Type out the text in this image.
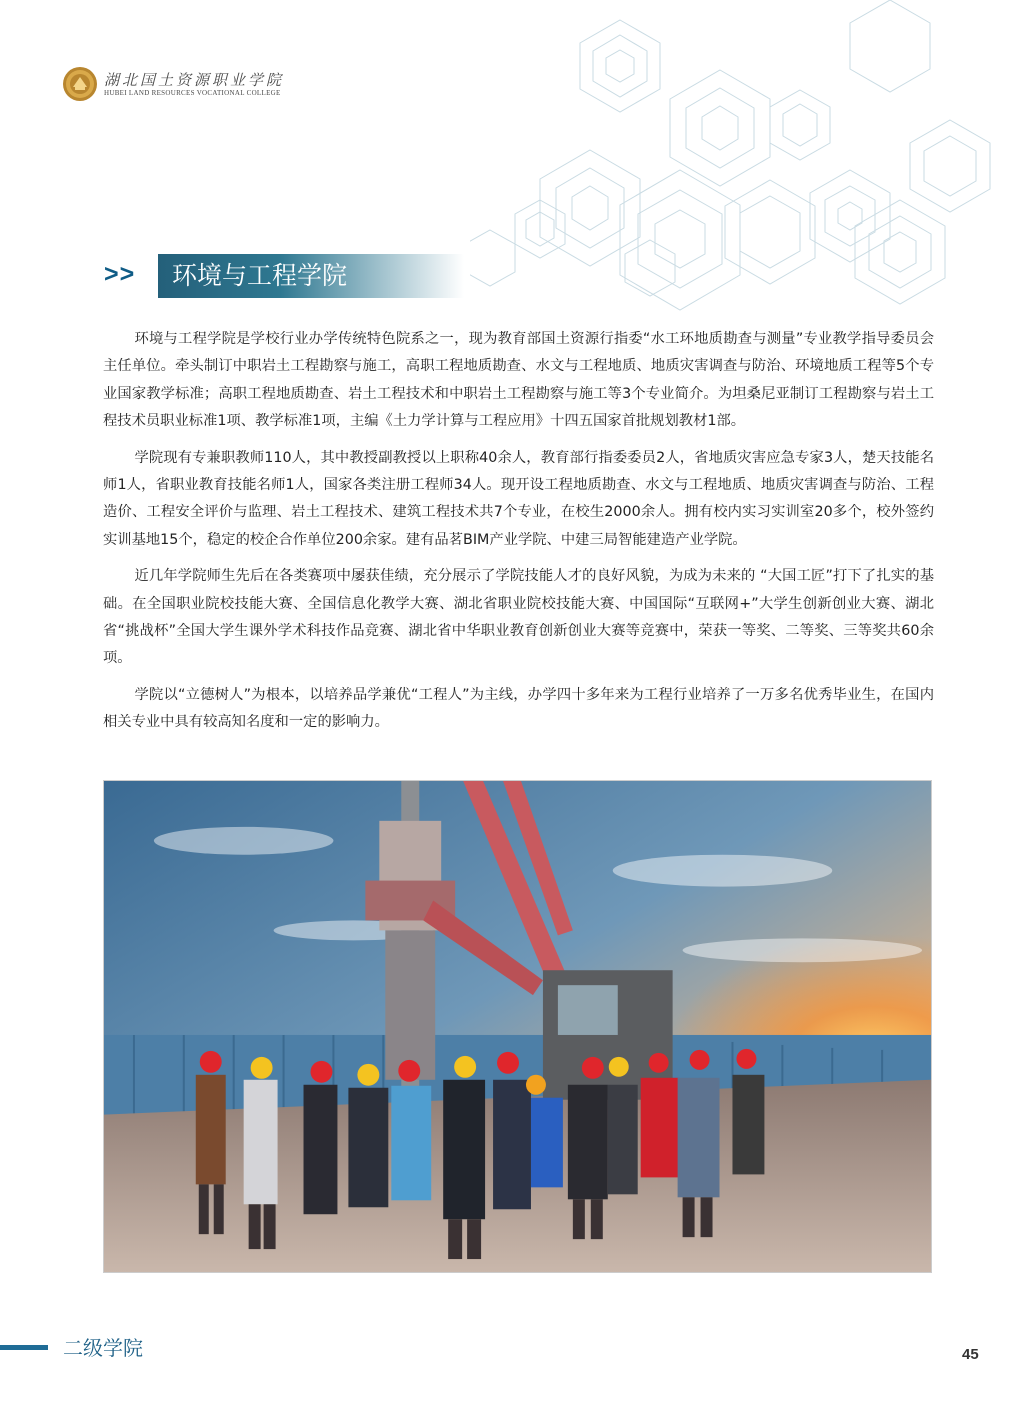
湖北国土资源职业学院
HUBEI LAND RESOURCES VOCATIONAL COLLEGE
>>	环境与工程学院

环境与工程学院是学校行业办学传统特色院系之一，现为教育部国土资源行指委“水工环地质勘查与测量”专业教学指导委员会主任单位。牵头制订中职岩土工程勘察与施工，高职工程地质勘查、水文与工程地质、地质灾害调查与防治、环境地质工程等5个专业国家教学标准；高职工程地质勘查、岩土工程技术和中职岩土工程勘察与施工等3个专业简介。为坦桑尼亚制订工程勘察与岩土工程技术员职业标准1项、教学标准1项，主编《土力学计算与工程应用》十四五国家首批规划教材1部。

学院现有专兼职教师110人，其中教授副教授以上职称40余人，教育部行指委委员2人，省地质灾害应急专家3人，楚天技能名师1人，省职业教育技能名师1人，国家各类注册工程师34人。现开设工程地质勘查、水文与工程地质、地质灾害调查与防治、工程造价、工程安全评价与监理、岩土工程技术、建筑工程技术共7个专业，在校生2000余人。拥有校内实习实训室20多个，校外签约实训基地15个，稳定的校企合作单位200余家。建有品茗BIM产业学院、中建三局智能建造产业学院。

近几年学院师生先后在各类赛项中屡获佳绩，充分展示了学院技能人才的良好风貌，为成为未来的 “大国工匠”打下了扎实的基础。在全国职业院校技能大赛、全国信息化教学大赛、湖北省职业院校技能大赛、中国国际“互联网+”大学生创新创业大赛、湖北省“挑战杯”全国大学生课外学术科技作品竞赛、湖北省中华职业教育创新创业大赛等竞赛中，荣获一等奖、二等奖、三等奖共60余项。

学院以“立德树人”为根本，以培养品学兼优“工程人”为主线，办学四十多年来为工程行业培养了一万多名优秀毕业生，在国内相关专业中具有较高知名度和一定的影响力。

二级学院	45
